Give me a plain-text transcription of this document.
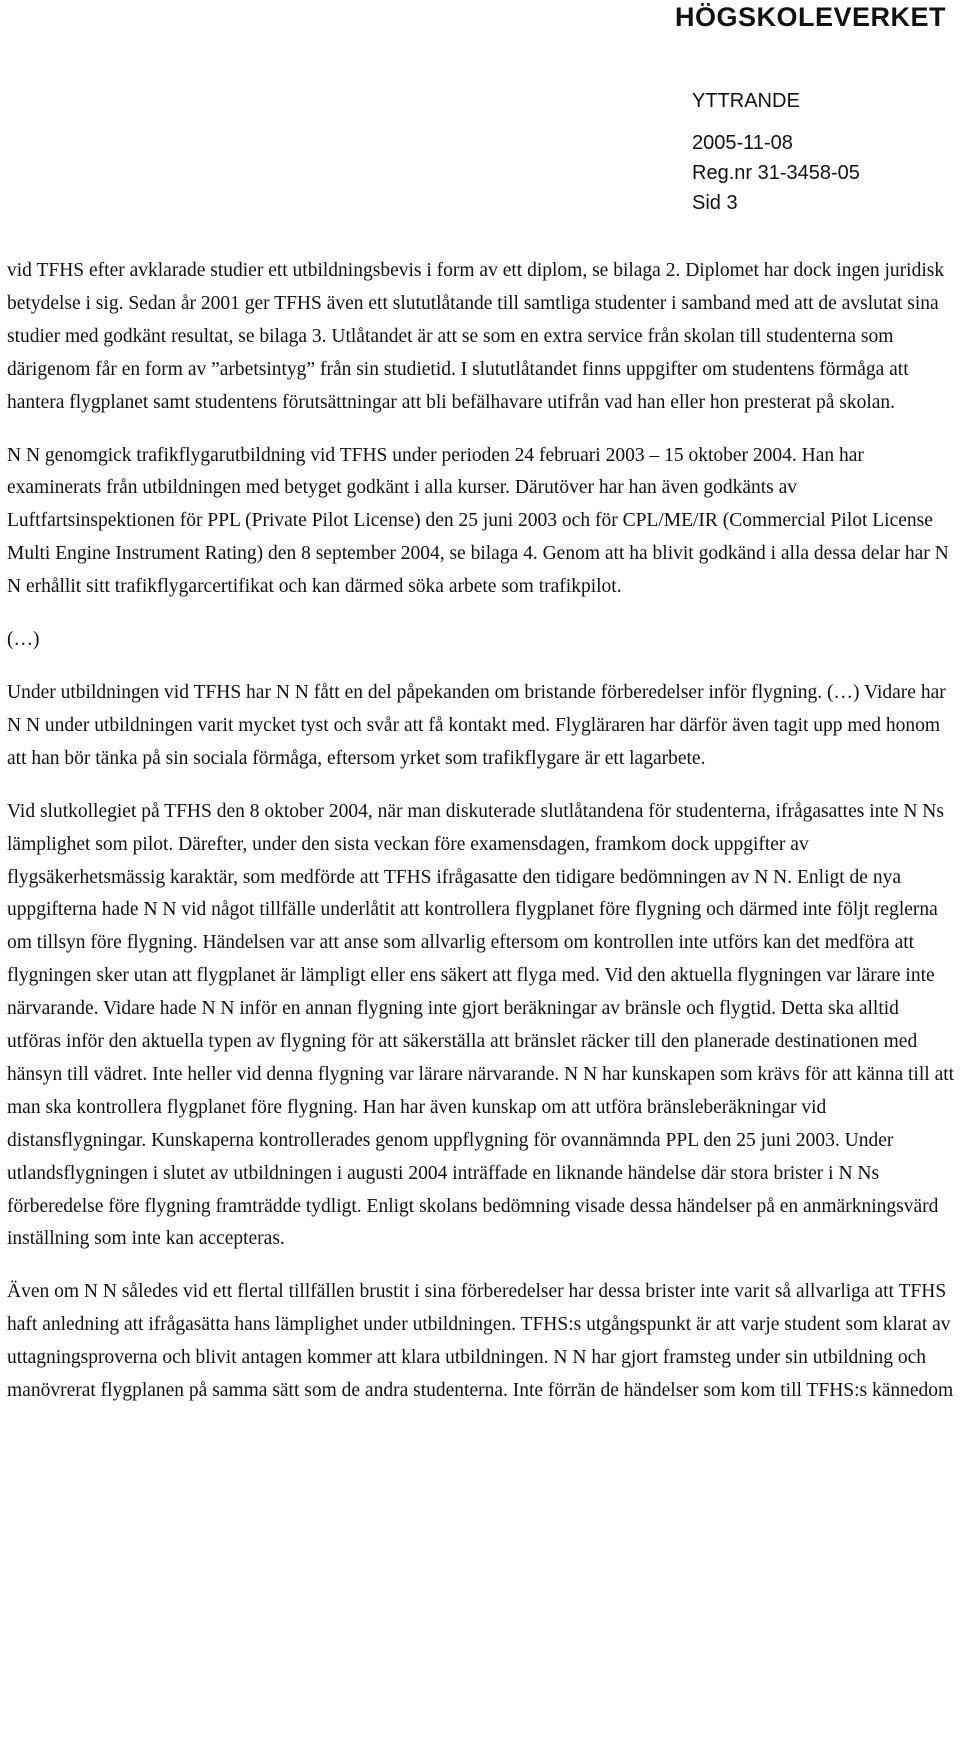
HÖGSKOLEVERKET
YTTRANDE
2005-11-08
Reg.nr 31-3458-05
Sid 3

vid TFHS efter avklarade studier ett utbildningsbevis i form av ett diplom, se bilaga 2. Diplomet har dock ingen juridisk betydelse i sig. Sedan år 2001 ger TFHS även ett slututlåtande till samtliga studenter i samband med att de avslutat sina studier med godkänt resultat, se bilaga 3. Utlåtandet är att se som en extra service från skolan till studenterna som därigenom får en form av ”arbetsintyg” från sin studietid. I slututlåtandet finns uppgifter om studentens förmåga att hantera flygplanet samt studentens förutsättningar att bli befälhavare utifrån vad han eller hon presterat på skolan.

N N genomgick trafikflygarutbildning vid TFHS under perioden 24 februari 2003 – 15 oktober 2004. Han har examinerats från utbildningen med betyget godkänt i alla kurser. Därutöver har han även godkänts av Luftfartsinspektionen för PPL (Private Pilot License) den 25 juni 2003 och för CPL/ME/IR (Commercial Pilot License Multi Engine Instrument Rating) den 8 september 2004, se bilaga 4. Genom att ha blivit godkänd i alla dessa delar har N N erhållit sitt trafikflygarcertifikat och kan därmed söka arbete som trafikpilot.

(…)

Under utbildningen vid TFHS har N N fått en del påpekanden om bristande förberedelser inför flygning. (…) Vidare har N N under utbildningen varit mycket tyst och svår att få kontakt med. Flygläraren har därför även tagit upp med honom att han bör tänka på sin sociala förmåga, eftersom yrket som trafikflygare är ett lagarbete.

Vid slutkollegiet på TFHS den 8 oktober 2004, när man diskuterade slutlåtandena för studenterna, ifrågasattes inte N Ns lämplighet som pilot. Därefter, under den sista veckan före examensdagen, framkom dock uppgifter av flygsäkerhetsmässig karaktär, som medförde att TFHS ifrågasatte den tidigare bedömningen av N N. Enligt de nya uppgifterna hade N N vid något tillfälle underlåtit att kontrollera flygplanet före flygning och därmed inte följt reglerna om tillsyn före flygning. Händelsen var att anse som allvarlig eftersom om kontrollen inte utförs kan det medföra att flygningen sker utan att flygplanet är lämpligt eller ens säkert att flyga med. Vid den aktuella flygningen var lärare inte närvarande. Vidare hade N N inför en annan flygning inte gjort beräkningar av bränsle och flygtid. Detta ska alltid utföras inför den aktuella typen av flygning för att säkerställa att bränslet räcker till den planerade destinationen med hänsyn till vädret. Inte heller vid denna flygning var lärare närvarande. N N har kunskapen som krävs för att känna till att man ska kontrollera flygplanet före flygning. Han har även kunskap om att utföra bränsleberäkningar vid distansflygningar. Kunskaperna kontrollerades genom uppflygning för ovannämnda PPL den 25 juni 2003. Under utlandsflygningen i slutet av utbildningen i augusti 2004 inträffade en liknande händelse där stora brister i N Ns förberedelse före flygning framträdde tydligt. Enligt skolans bedömning visade dessa händelser på en anmärkningsvärd inställning som inte kan accepteras.

Även om N N således vid ett flertal tillfällen brustit i sina förberedelser har dessa brister inte varit så allvarliga att TFHS haft anledning att ifrågasätta hans lämplighet under utbildningen. TFHS:s utgångspunkt är att varje student som klarat av uttagningsproverna och blivit antagen kommer att klara utbildningen. N N har gjort framsteg under sin utbildning och manövrerat flygplanen på samma sätt som de andra studenterna. Inte förrän de händelser som kom till TFHS:s kännedom
